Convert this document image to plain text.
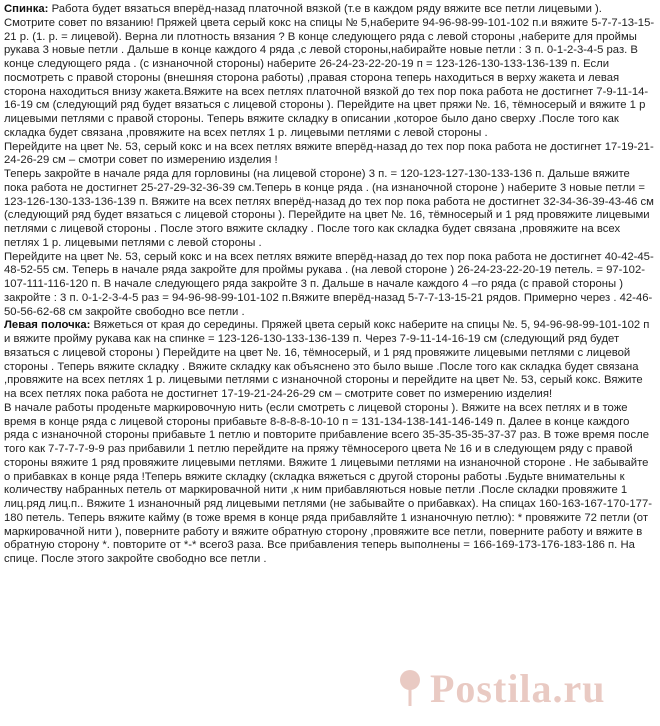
Спинка: Работа будет вязаться вперёд-назад платочной вязкой (т.е в каждом ряду вяжите все петли лицевыми ). Смотрите совет по вязанию! Пряжей цвета серый кокс на спицы № 5,наберите 94-96-98-99-101-102 п.и вяжите 5-7-7-13-15-21 р. (1. р. = лицевой). Верна ли плотность вязания ? В конце следующего ряда с левой стороны ,наберите для проймы рукава 3 новые петли . Дальше в конце каждого 4 ряда ,с левой стороны,набирайте новые петли : 3 п. 0-1-2-3-4-5 раз. В конце следующего ряда . (с изнаночной стороны) наберите 26-24-23-22-20-19 п = 123-126-130-133-136-139 п. Если посмотреть с правой стороны (внешняя сторона работы) ,правая сторона теперь находиться в верху жакета и левая сторона находиться внизу жакета.Вяжите на всех петлях платочной вязкой до тех пор пока работа не достигнет 7-9-11-14-16-19 см (следующий ряд будет вязаться с лицевой стороны ). Перейдите на цвет пряжи №. 16, тёмносерый и вяжите 1 р лицевыми петлями с правой стороны. Теперь вяжите складку в описании ,которое было дано сверху .После того как складка будет связана ,провяжите на всех петлях 1 р. лицевыми петлями с левой стороны .

Перейдите на цвет №. 53, серый кокс и на всех петлях вяжите вперёд-назад до тех пор пока работа не достигнет 17-19-21-24-26-29 см – смотри совет по измерению изделия !

Теперь закройте в начале ряда для горловины (на лицевой стороне) 3 п. = 120-123-127-130-133-136 п. Дальше вяжите пока работа не достигнет 25-27-29-32-36-39 см.Теперь в конце ряда . (на изнаночной стороне ) наберите 3 новые петли = 123-126-130-133-136-139 п. Вяжите на всех петлях вперёд-назад до тех пор пока работа не достигнет 32-34-36-39-43-46 см (следующий ряд будет вязаться с лицевой стороны ). Перейдите на цвет №. 16, тёмносерый и 1 ряд провяжите лицевыми петлями с лицевой стороны . После этого вяжите складку . После того как складка будет связана ,провяжите на всех петлях 1 р. лицевыми петлями с левой стороны .

Перейдите на цвет №. 53, серый кокс и на всех петлях вяжите вперёд-назад до тех пор пока работа не достигнет 40-42-45-48-52-55 см. Теперь в начале ряда закройте для проймы рукава . (на левой стороне ) 26-24-23-22-20-19 петель. = 97-102-107-111-116-120 п. В начале следующего ряда закройте 3 п. Дальше в начале каждого 4 –го ряда (с правой стороны ) закройте : 3 п. 0-1-2-3-4-5 раз = 94-96-98-99-101-102 п.Вяжите вперёд-назад 5-7-7-13-15-21 рядов. Примерно через . 42-46-50-56-62-68 см закройте свободно все петли .

Левая полочка: Вяжеться от края до середины. Пряжей цвета серый кокс наберите на спицы №. 5, 94-96-98-99-101-102 п и вяжите пройму рукава как на спинке = 123-126-130-133-136-139 п. Через 7-9-11-14-16-19 см (следующий ряд будет вязаться с лицевой стороны ) Перейдите на цвет №. 16, тёмносерый, и 1 ряд провяжите лицевыми петлями с лицевой стороны . Теперь вяжите складку . Вяжите складку как объяснено это было выше .После того как складка будет связана ,провяжите на всех петлях 1 р. лицевыми петлями с изнаночной стороны и перейдите на цвет №. 53, серый кокс. Вяжите на всех петлях пока работа не достигнет 17-19-21-24-26-29 см – смотрите совет по измерению изделия!

В начале работы проденьте маркировочную нить (если смотреть с лицевой стороны ). Вяжите на всех петлях и в тоже время в конце ряда с лицевой стороны прибавьте 8-8-8-8-10-10 п = 131-134-138-141-146-149 п. Далее в конце каждого ряда с изнаночной стороны прибавьте 1 петлю и повторите прибавление всего 35-35-35-35-37-37 раз. В тоже время после того как 7-7-7-7-9-9 раз прибавили 1 петлю перейдите на пряжу тёмносерого цвета № 16 и в следующем ряду с правой стороны вяжите 1 ряд провяжите лицевыми петлями. Вяжите 1 лицевыми петлями на изнаночной стороне . Не забывайте о прибавках в конце ряда !Теперь вяжите складку (складка вяжеться с другой стороны работы .Будьте внимательны к количеству набранных петель от маркировачной нити ,к ним прибавляються новые петли .После складки провяжите 1 лиц.ряд лиц.п.. Вяжите 1 изнаночный ряд лицевыми петлями (не забывайте о прибавках). На спицах 160-163-167-170-177-180 петель. Теперь вяжите кайму (в тоже время в конце ряда прибавляйте 1 изнаночную петлю): * провяжите 72 петли (от маркировачной нити ), поверните работу и вяжите обратную сторону ,провяжите все петли, поверните работу и вяжите в обратную сторону *. повторите от *-* всего3 раза. Все прибавления теперь выполнены = 166-169-173-176-183-186 п. На спице. После этого закройте свободно все петли .

Postila.ru
